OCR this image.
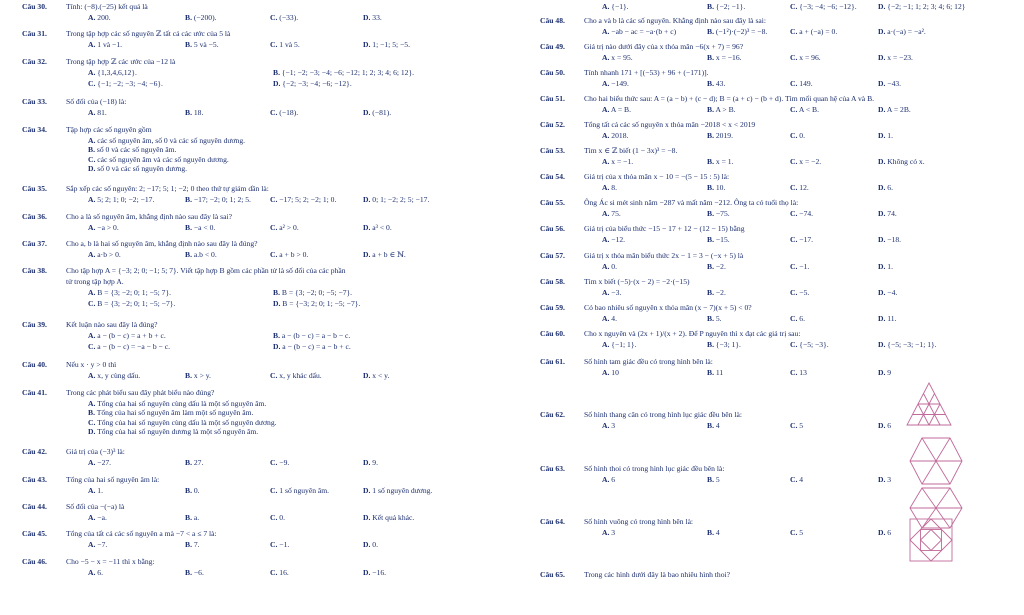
Câu 30.	Tính: (−8).(−25) kết quả là
A. 200.	B. (−200).	C. (−33).	D. 33.
Câu 31.	Trong tập hợp các số nguyên ℤ tất cả các ước của 5 là
A. 1 và −1.	B. 5 và −5.	C. 1 và 5.	D. 1; −1; 5; −5.
Câu 32.	Trong tập hợp ℤ các ước của −12 là
A. {1,3,4,6,12}.	B. {−1; −2; −3; −4; −6; −12; 1; 2; 3; 4; 6; 12}.
C. {−1; −2; −3; −4; −6}.	D. {−2; −3; −4; −6; −12}.
Câu 33.	Số đối của (−18) là:
A. 81.	B. 18.	C. (−18).	D. (−81).
Câu 34.	Tập hợp các số nguyên gồm
A. các số nguyên âm, số 0 và các số nguyên dương.
B. số 0 và các số nguyên âm.
C. các số nguyên âm và các số nguyên dương.
D. số 0 và các số nguyên dương.
Câu 35.	Sắp xếp các số nguyên: 2; −17; 5; 1; −2; 0 theo thứ tự giảm dần là:
A. 5; 2; 1; 0; −2; −17.	B. −17; −2; 0; 1; 2; 5.	C. −17; 5; 2; −2; 1; 0.	D. 0; 1; −2; 2; 5; −17.
Câu 36.	Cho a là số nguyên âm, khẳng định nào sau đây là sai?
A. −a > 0.	B. −a < 0.	C. a² > 0.	D. a³ < 0.
Câu 37.	Cho a, b là hai số nguyên âm, khẳng định nào sau đây là đúng?
A. a·b > 0.	B. a.b < 0.	C. a + b > 0.	D. a + b ∈ ℕ.
Câu 38.	Cho tập hợp A = {−3; 2; 0; −1; 5; 7}. Viết tập hợp B gồm các phần tử là số đối của các phần
tử trong tập hợp A.
A. B = {3; −2; 0; 1; −5; 7}.	B. B = {3; −2; 0; −5; −7}.
C. B = {3; −2; 0; 1; −5; −7}.	D. B = {−3; 2; 0; 1; −5; −7}.
Câu 39.	Kết luận nào sau đây là đúng?
A. a − (b − c) = a + b + c.	B. a − (b − c) = a − b − c.
C. a − (b − c) = −a − b − c.	D. a − (b − c) = a − b + c.
Câu 40.	Nếu x · y > 0 thì
A. x, y cùng dấu.	B. x > y.	C. x, y khác dấu.	D. x < y.
Câu 41.	Trong các phát biểu sau đây phát biểu nào đúng?
A. Tổng của hai số nguyên cùng dấu là một số nguyên âm.
B. Tổng của hai số nguyên âm làm một số nguyên âm.
C. Tổng của hai số nguyên cùng dấu là một số nguyên dương.
D. Tổng của hai số nguyên dương là một số nguyên âm.
Câu 42.	Giá trị của (−3)³ là:
A. −27.	B. 27.	C. −9.	D. 9.
Câu 43.	Tổng của hai số nguyên âm là:
A. 1.	B. 0.	C. 1 số nguyên âm.	D. 1 số nguyên dương.
Câu 44.	Số đối của −(−a) là
A. −a.	B. a.	C. 0.	D. Kết quả khác.
Câu 45.	Tổng của tất cả các số nguyên a mà −7 < a ≤ 7 là:
A. −7.	B. 7.	C. −1.	D. 0.
Câu 46.	Cho −5 − x = −11 thì x bằng:
A. 6.	B. −6.	C. 16.	D. −16.
A. {−1}.	B. {−2; −1}.	C. {−3; −4; −6; −12}.	D. {−2; −1; 1; 2; 3; 4; 6; 12}
Câu 48.	Cho a và b là các số nguyên. Khẳng định nào sau đây là sai:
A. −ab − ac = −a·(b + c)	B. (−1²)·(−2)³ = −8.	C. a + (−a) = 0.	D. a·(−a) = −a².
Câu 49.	Giá trị nào dưới đây của x thỏa mãn −6(x + 7) = 96?
A. x = 95.	B. x = −16.	C. x = 96.	D. x = −23.
Câu 50.	Tính nhanh 171 + [(−53) + 96 + (−171)].
A. −149.	B. 43.	C. 149.	D. −43.
Câu 51.	Cho hai biểu thức sau: A = (a − b) + (c − d); B = (a + c) − (b + d). Tìm mối quan hệ của A và B.
A. A = B.	B. A > B.	C. A < B.	D. A = 2B.
Câu 52.	Tổng tất cả các số nguyên x thỏa mãn −2018 < x < 2019
A. 2018.	B. 2019.	C. 0.	D. 1.
Câu 53.	Tìm x ∈ ℤ biết (1 − 3x)³ = −8.
A. x = −1.	B. x = 1.	C. x = −2.	D. Không có x.
Câu 54.	Giá trị của x thỏa mãn x − 10 = −(5 − 15 : 5) là:
A. 8.	B. 10.	C. 12.	D. 6.
Câu 55.	Ông Ác si mét sinh năm −287 và mất năm −212. Ông ta có tuổi thọ là:
A. 75.	B. −75.	C. −74.	D. 74.
Câu 56.	Giá trị của biểu thức −15 − 17 + 12 − (12 − 15) bằng
A. −12.	B. −15.	C. −17.	D. −18.
Câu 57.	Giá trị x thỏa mãn biểu thức 2x − 1 = 3 − (−x + 5) là
A. 0.	B. −2.	C. −1.	D. 1.
Câu 58.	Tìm x biết (−5)·(x − 2) = −2·(−15)
A. −3.	B. −2.	C. −5.	D. −4.
Câu 59.	Có bao nhiêu số nguyên x thỏa mãn (x − 7)(x + 5) < 0?
A. 4.	B. 5.	C. 6.	D. 11.
Câu 60.	Cho x nguyên và (2x + 1)/(x + 2). Để P nguyên thì x đạt các giá trị sau:
A. {−1; 1}.	B. {−3; 1}.	C. {−5; −3}.	D. {−5; −3; −1; 1}.
Câu 61.	Số hình tam giác đều có trong hình bên là:
A. 10	B. 11	C. 13	D. 9
Câu 62.	Số hình thang cân có trong hình lục giác đều bên là:
A. 3	B. 4	C. 5	D. 6
Câu 63.	Số hình thoi có trong hình lục giác đều bên là:
A. 6	B. 5	C. 4	D. 3
Câu 64.	Số hình vuông có trong hình bên là:
A. 3	B. 4	C. 5	D. 6
Câu 65.	Trong các hình dưới đây là bao nhiêu hình thoi?
